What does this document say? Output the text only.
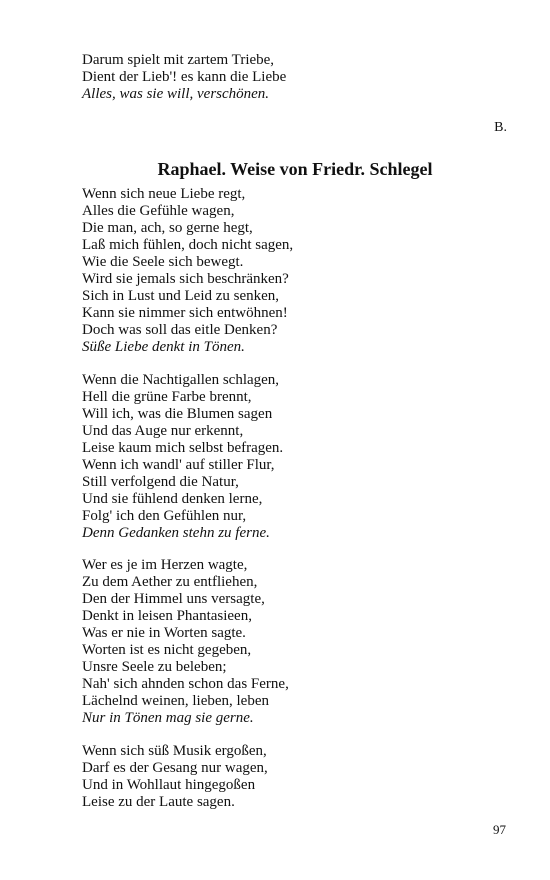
Darum spielt mit zartem Triebe,
Dient der Lieb'! es kann die Liebe
Alles, was sie will, verschönen.
B.
Raphael. Weise von Friedr. Schlegel
Wenn sich neue Liebe regt,
Alles die Gefühle wagen,
Die man, ach, so gerne hegt,
Laß mich fühlen, doch nicht sagen,
Wie die Seele sich bewegt.
Wird sie jemals sich beschränken?
Sich in Lust und Leid zu senken,
Kann sie nimmer sich entwöhnen!
Doch was soll das eitle Denken?
Süße Liebe denkt in Tönen.
Wenn die Nachtigallen schlagen,
Hell die grüne Farbe brennt,
Will ich, was die Blumen sagen
Und das Auge nur erkennt,
Leise kaum mich selbst befragen.
Wenn ich wandl' auf stiller Flur,
Still verfolgend die Natur,
Und sie fühlend denken lerne,
Folg' ich den Gefühlen nur,
Denn Gedanken stehn zu ferne.
Wer es je im Herzen wagte,
Zu dem Aether zu entfliehen,
Den der Himmel uns versagte,
Denkt in leisen Phantasieen,
Was er nie in Worten sagte.
Worten ist es nicht gegeben,
Unsre Seele zu beleben;
Nah' sich ahnden schon das Ferne,
Lächelnd weinen, lieben, leben
Nur in Tönen mag sie gerne.
Wenn sich süß Musik ergoßen,
Darf es der Gesang nur wagen,
Und in Wohllaut hingegoßen
Leise zu der Laute sagen.
97
